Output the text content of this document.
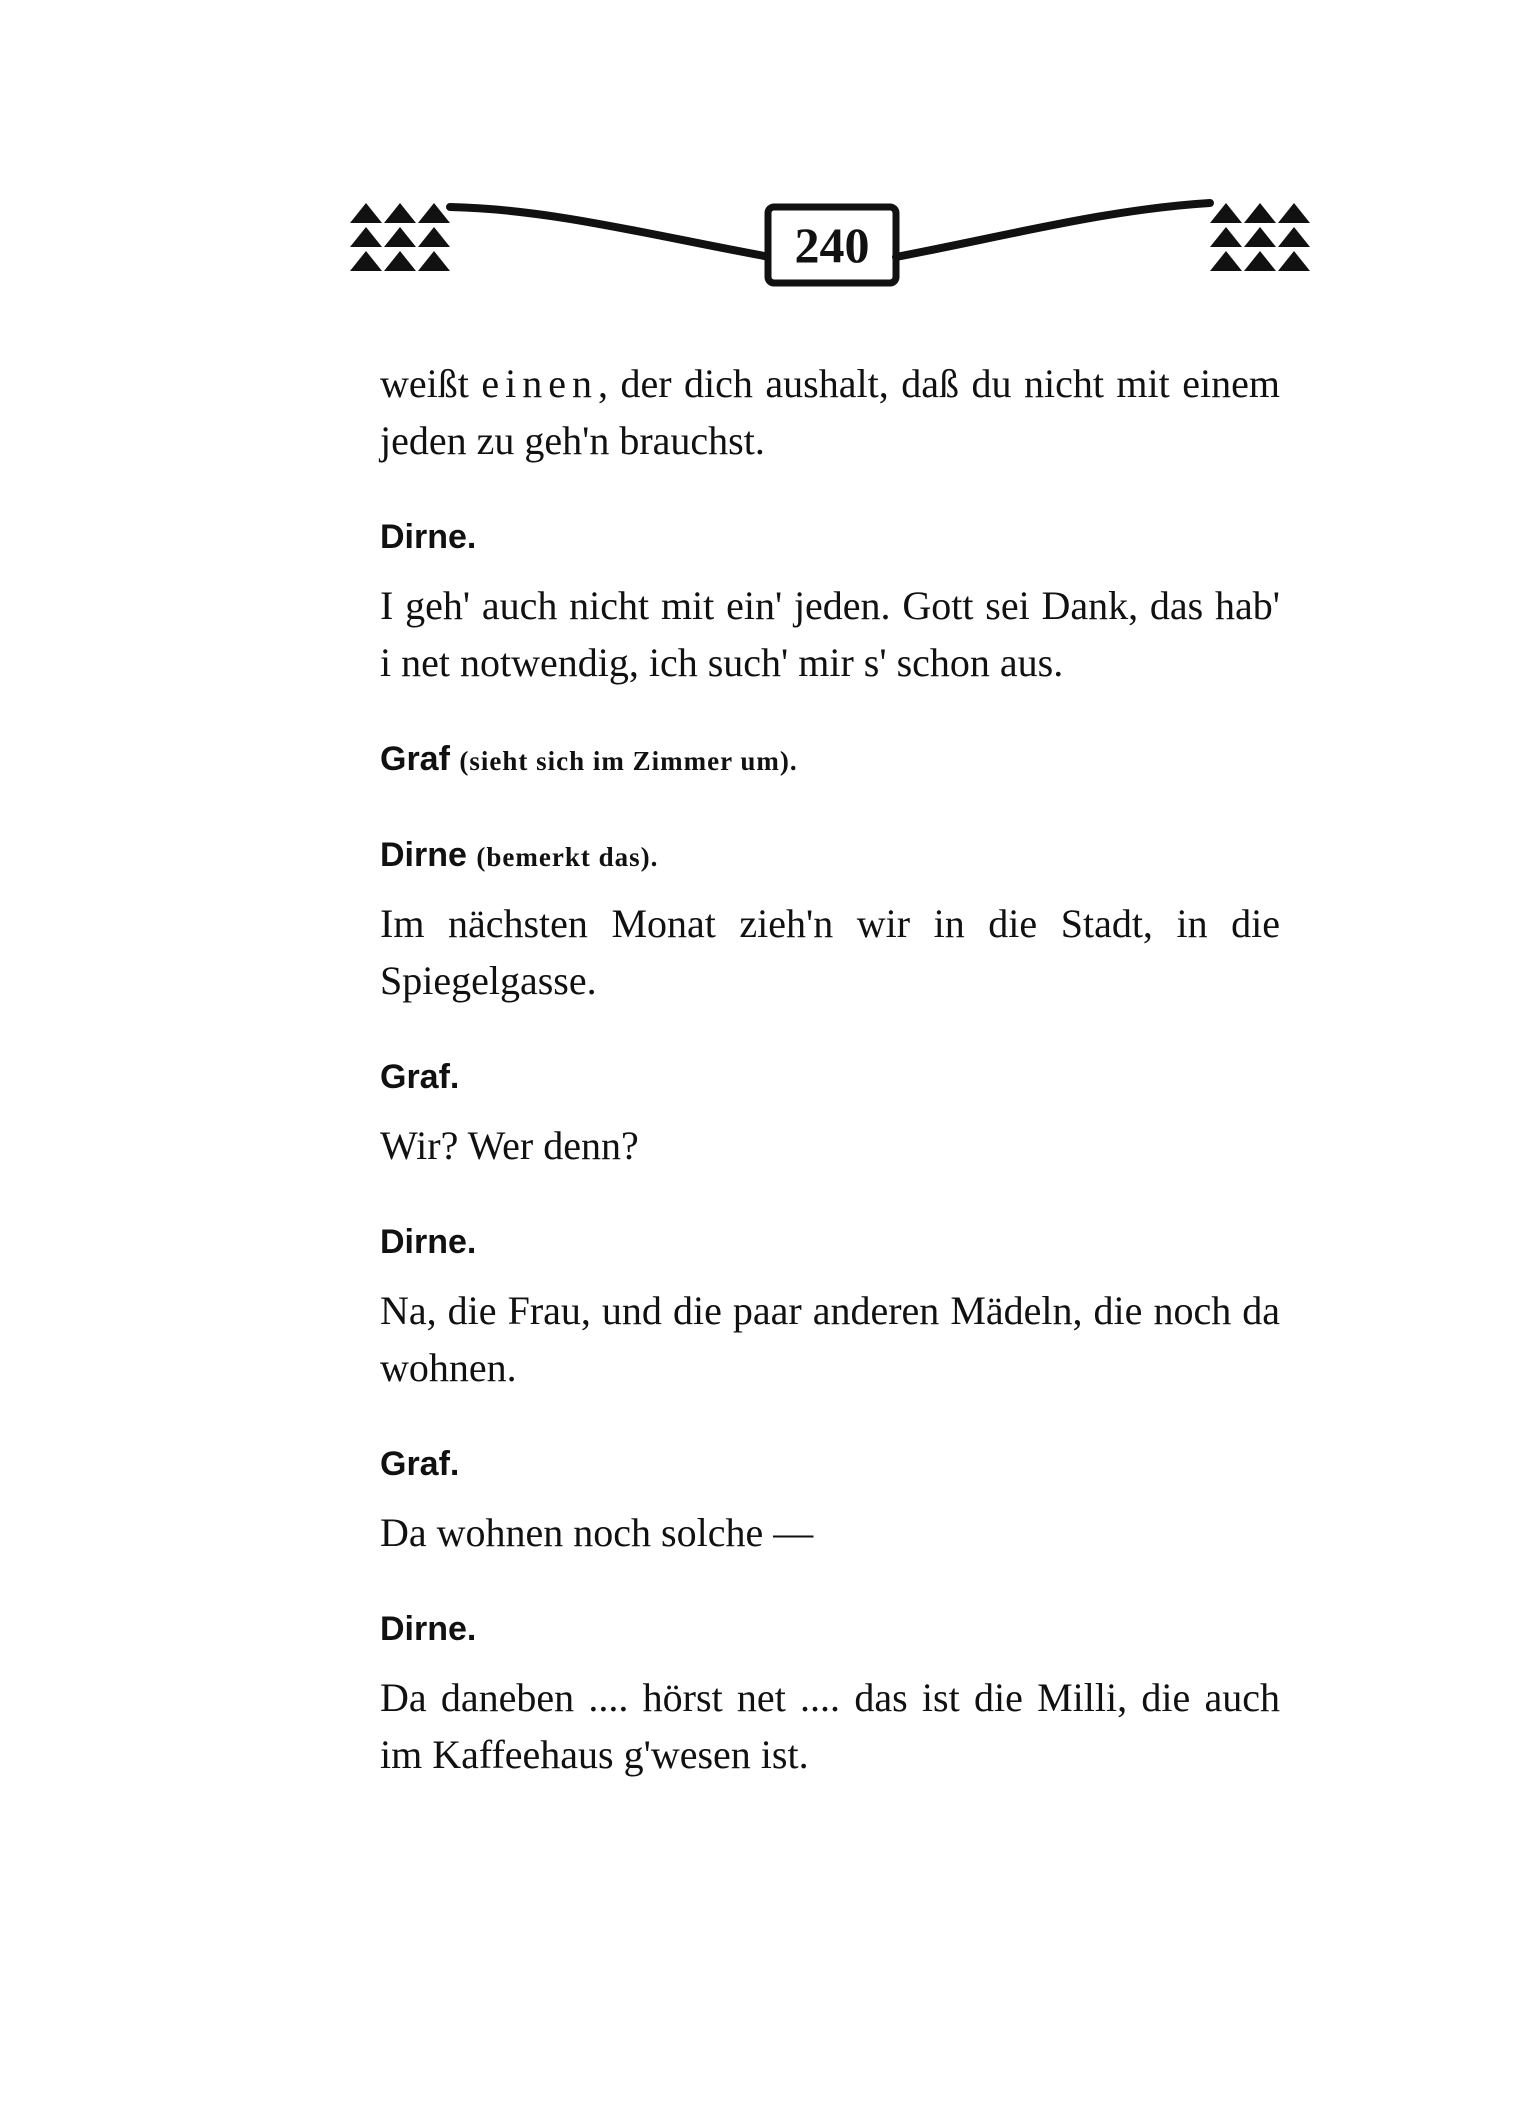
240

weißt einen, der dich aushalt, daß du nicht mit einem jeden zu geh'n brauchst.

Dirne.

I geh' auch nicht mit ein' jeden. Gott sei Dank, das hab' i net notwendig, ich such' mir s' schon aus.

Graf (sieht sich im Zimmer um).

Dirne (bemerkt das).

Im nächsten Monat zieh'n wir in die Stadt, in die Spiegelgasse.

Graf.

Wir? Wer denn?

Dirne.

Na, die Frau, und die paar anderen Mädeln, die noch da wohnen.

Graf.

Da wohnen noch solche —

Dirne.

Da daneben .... hörst net .... das ist die Milli, die auch im Kaffeehaus g'wesen ist.
